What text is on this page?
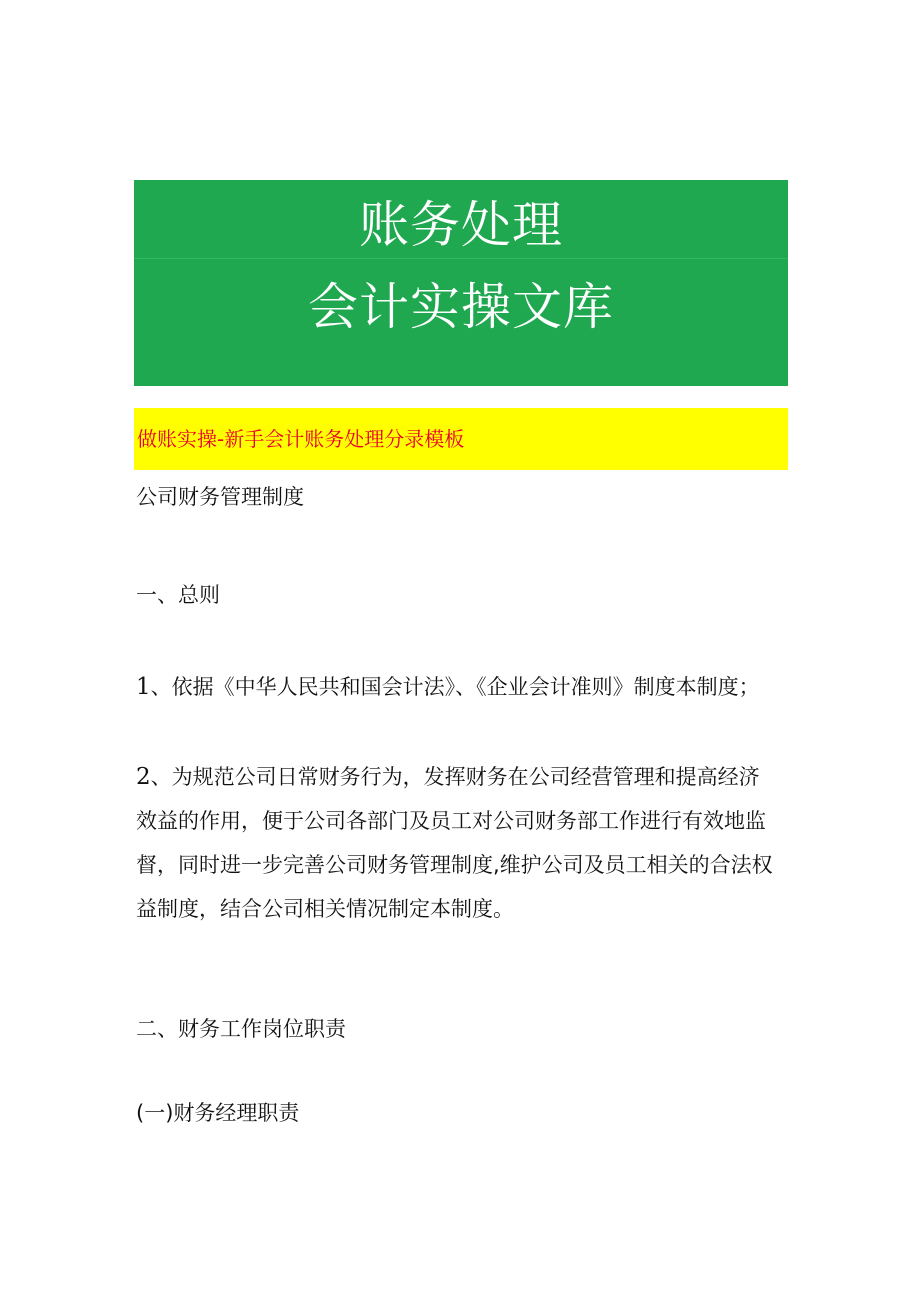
账务处理
会计实操文库
做账实操-新手会计账务处理分录模板
公司财务管理制度
一、总则
1、依据《中华人民共和国会计法》、《企业会计准则》制度本制度；
2、为规范公司日常财务行为，发挥财务在公司经营管理和提高经济
效益的作用，便于公司各部门及员工对公司财务部工作进行有效地监
督，同时进一步完善公司财务管理制度,维护公司及员工相关的合法权
益制度，结合公司相关情况制定本制度。
二、财务工作岗位职责
(一)财务经理职责
